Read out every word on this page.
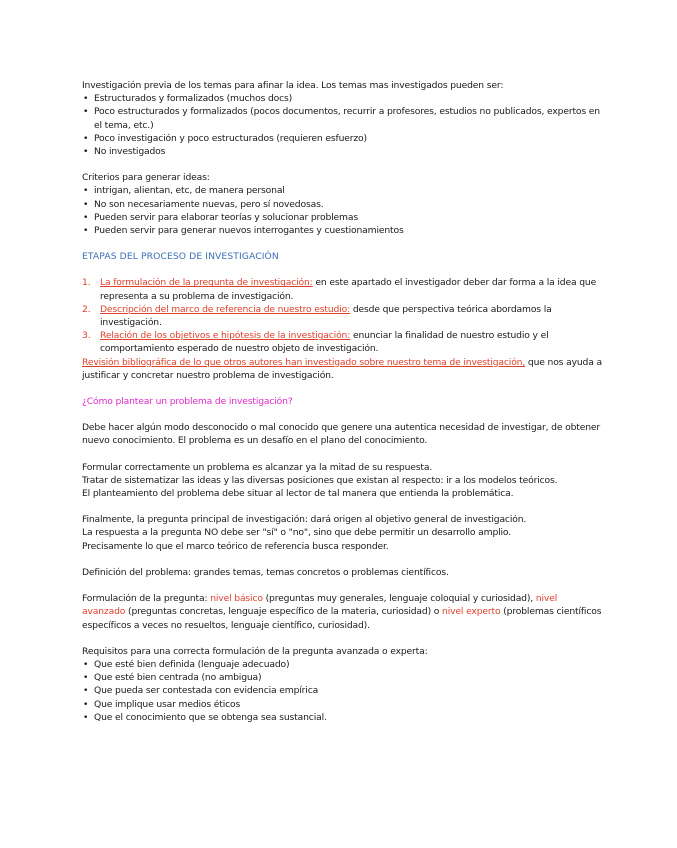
Investigación previa de los temas para afinar la idea. Los temas mas investigados pueden ser:

• Estructurados y formalizados (muchos docs)
• Poco estructurados y formalizados (pocos documentos, recurrir a profesores, estudios no publicados, expertos en el tema, etc.)
• Poco investigación y poco estructurados (requieren esfuerzo)
• No investigados

Criterios para generar ideas:

• intrigan, alientan, etc, de manera personal
• No son necesariamente nuevas, pero sí novedosas.
• Pueden servir para elaborar teorías y solucionar problemas
• Pueden servir para generar nuevos interrogantes y cuestionamientos

ETAPAS DEL PROCESO DE INVESTIGACIÓN

1. La formulación de la pregunta de investigación: en este apartado el investigador deber dar forma a la idea que representa a su problema de investigación.
2. Descripción del marco de referencia de nuestro estudio: desde que perspectiva teórica abordamos la investigación.
3. Relación de los objetivos e hipótesis de la investigación: enunciar la finalidad de nuestro estudio y el comportamiento esperado de nuestro objeto de investigación.

Revisión bibliográfica de lo que otros autores han investigado sobre nuestro tema de investigación, que nos ayuda a justificar y concretar nuestro problema de investigación.

¿Cómo plantear un problema de investigación?

Debe hacer algún modo desconocido o mal conocido que genere una autentica necesidad de investigar, de obtener nuevo conocimiento. El problema es un desafío en el plano del conocimiento.

Formular correctamente un problema es alcanzar ya la mitad de su respuesta.

Tratar de sistematizar las ideas y las diversas posiciones que existan al respecto: ir a los modelos teóricos.

El planteamiento del problema debe situar al lector de tal manera que entienda la problemática.

Finalmente, la pregunta principal de investigación: dará origen al objetivo general de investigación.

La respuesta a la pregunta NO debe ser "sí" o "no", sino que debe permitir un desarrollo amplio.

Precisamente lo que el marco teórico de referencia busca responder.

Definición del problema: grandes temas, temas concretos o problemas científicos.

Formulación de la pregunta: nivel básico (preguntas muy generales, lenguaje coloquial y curiosidad), nivel avanzado (preguntas concretas, lenguaje específico de la materia, curiosidad) o nivel experto (problemas científicos específicos a veces no resueltos, lenguaje científico, curiosidad).

Requisitos para una correcta formulación de la pregunta avanzada o experta:

• Que esté bien definida (lenguaje adecuado)
• Que esté bien centrada (no ambigua)
• Que pueda ser contestada con evidencia empírica
• Que implique usar medios éticos
• Que el conocimiento que se obtenga sea sustancial.
